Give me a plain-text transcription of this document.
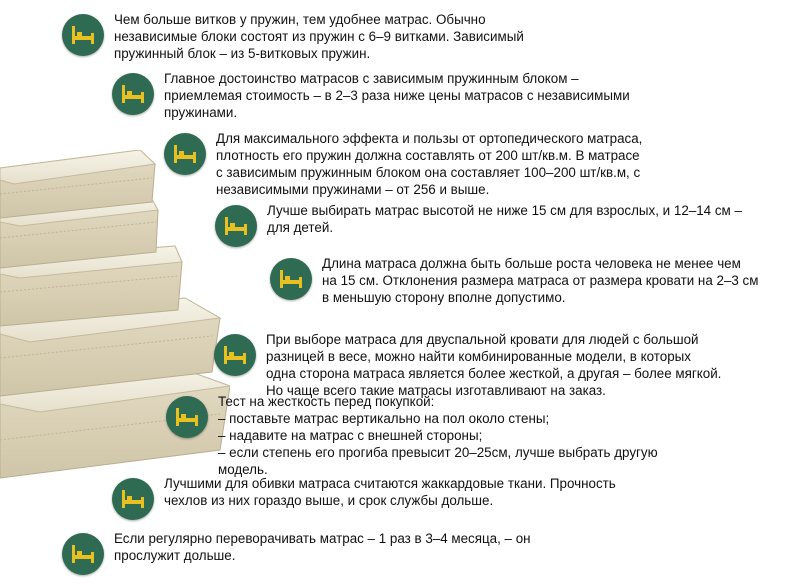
Чем больше витков у пружин, тем удобнее матрас. Обычно
независимые блоки состоят из пружин с 6–9 витками. Зависимый
пружинный блок – из 5-витковых пружин.
Главное достоинство матрасов с зависимым пружинным блоком –
приемлемая стоимость – в 2–3 раза ниже цены матрасов с независимыми
пружинами.
Для максимального эффекта и пользы от ортопедического матраса,
плотность его пружин должна составлять от 200 шт/кв.м. В матрасе
с зависимым пружинным блоком она составляет 100–200 шт/кв.м, с
независимыми пружинами – от 256 и выше.
Лучше выбирать матрас высотой не ниже 15 см для взрослых, и 12–14 см –
для детей.
Длина матраса должна быть больше роста человека не менее чем
на 15 см. Отклонения размера матраса от размера кровати на 2–3 см
в меньшую сторону вполне допустимо.
При выборе матраса для двуспальной кровати для людей с большой
разницей в весе, можно найти комбинированные модели, в которых
одна сторона матраса является более жесткой, а другая – более мягкой.
Но чаще всего такие матрасы изготавливают на заказ.
Тест на жесткость перед покупкой:
– поставьте матрас вертикально на пол около стены;
– надавите на матрас с внешней стороны;
– если степень его прогиба превысит 20–25см, лучше выбрать другую
модель.
Лучшими для обивки матраса считаются жаккардовые ткани. Прочность
чехлов из них гораздо выше, и срок службы дольше.
Если регулярно переворачивать матрас – 1 раз в 3–4 месяца, – он
прослужит дольше.
